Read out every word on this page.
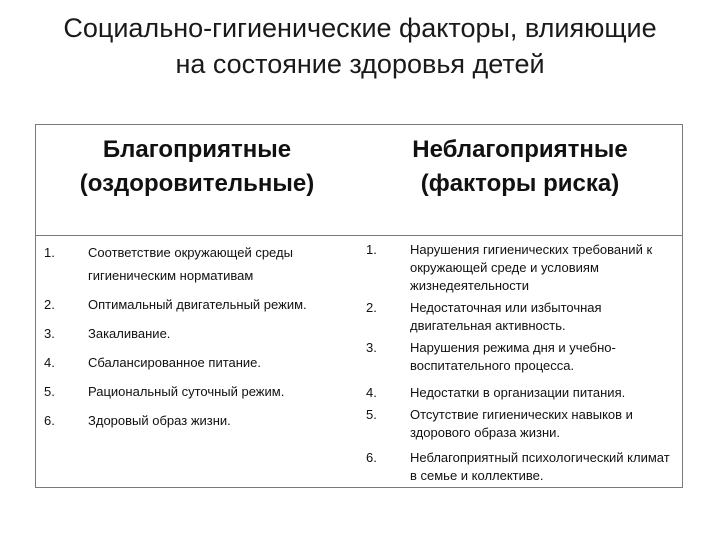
Социально-гигиенические факторы, влияющие
на состояние здоровья детей
Благоприятные
(оздоровительные)
1.	Соответствие окружающей среды гигиеническим нормативам
2.	Оптимальный двигательный режим.
3.	Закаливание.
4.	Сбалансированное питание.
5.	Рациональный суточный режим.
6.	Здоровый образ жизни.
Неблагоприятные
(факторы риска)
1.	Нарушения гигиенических требований к окружающей среде и условиям жизнедеятельности
2.	Недостаточная или избыточная двигательная активность.
3.	Нарушения режима дня и учебно-воспитательного процесса.
4.	Недостатки в организации питания.
5.	Отсутствие гигиенических навыков и здорового образа жизни.
6.	Неблагоприятный психологический климат в семье и коллективе.
